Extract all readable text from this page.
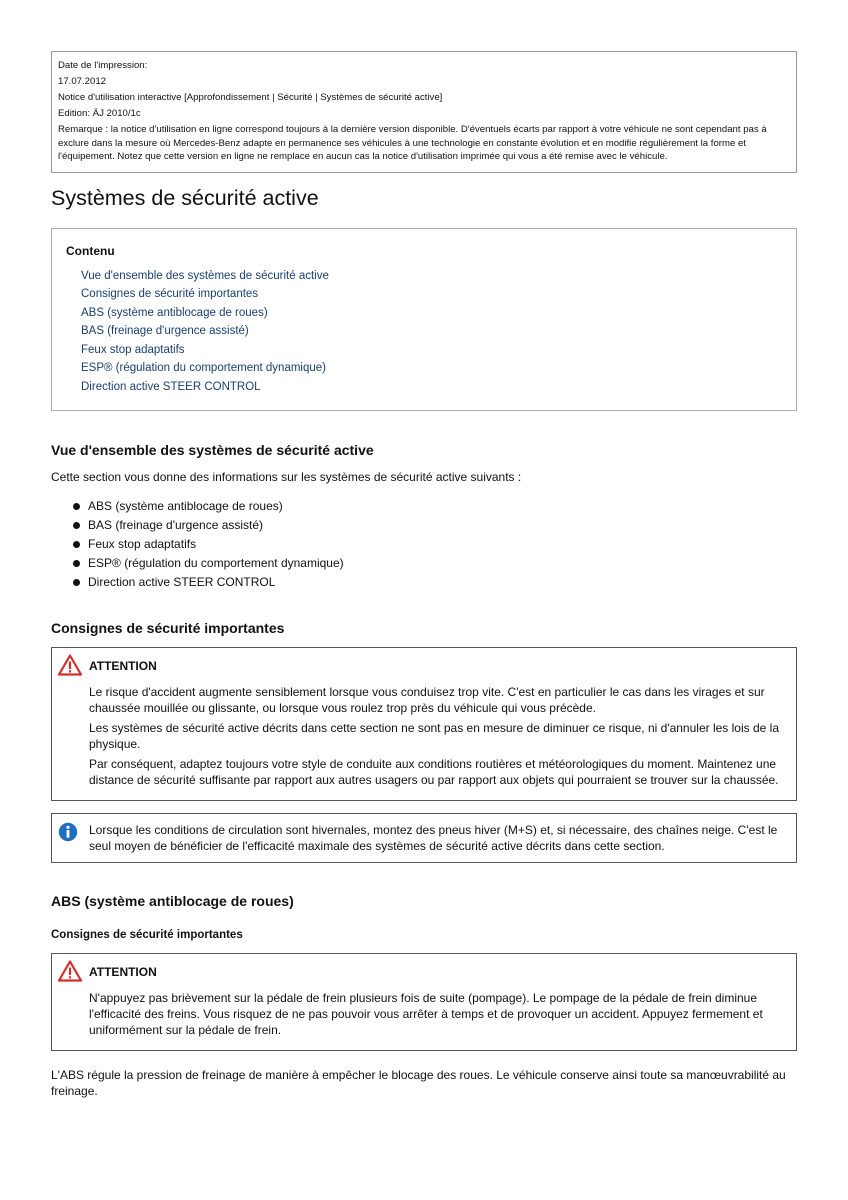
Date de l'impression:
17.07.2012
Notice d'utilisation interactive [Approfondissement | Sécurité | Systèmes de sécurité active]
Edition: ÄJ 2010/1c
Remarque : la notice d'utilisation en ligne correspond toujours à la dernière version disponible. D'éventuels écarts par rapport à votre véhicule ne sont cependant pas à exclure dans la mesure où Mercedes-Benz adapte en permanence ses véhicules à une technologie en constante évolution et en modifie régulièrement la forme et l'équipement. Notez que cette version en ligne ne remplace en aucun cas la notice d'utilisation imprimée qui vous a été remise avec le véhicule.
Systèmes de sécurité active
Contenu
Vue d'ensemble des systèmes de sécurité active
Consignes de sécurité importantes
ABS (système antiblocage de roues)
BAS (freinage d'urgence assisté)
Feux stop adaptatifs
ESP® (régulation du comportement dynamique)
Direction active STEER CONTROL
Vue d'ensemble des systèmes de sécurité active

Cette section vous donne des informations sur les systèmes de sécurité active suivants :

ABS (système antiblocage de roues)
BAS (freinage d'urgence assisté)
Feux stop adaptatifs
ESP® (régulation du comportement dynamique)
Direction active STEER CONTROL
Consignes de sécurité importantes
ATTENTION

Le risque d'accident augmente sensiblement lorsque vous conduisez trop vite. C'est en particulier le cas dans les virages et sur chaussée mouillée ou glissante, ou lorsque vous roulez trop près du véhicule qui vous précède.

Les systèmes de sécurité active décrits dans cette section ne sont pas en mesure de diminuer ce risque, ni d'annuler les lois de la physique.

Par conséquent, adaptez toujours votre style de conduite aux conditions routières et météorologiques du moment. Maintenez une distance de sécurité suffisante par rapport aux autres usagers ou par rapport aux objets qui pourraient se trouver sur la chaussée.

Lorsque les conditions de circulation sont hivernales, montez des pneus hiver (M+S) et, si nécessaire, des chaînes neige. C'est le seul moyen de bénéficier de l'efficacité maximale des systèmes de sécurité active décrits dans cette section.

ABS (système antiblocage de roues)
Consignes de sécurité importantes
ATTENTION

N'appuyez pas brièvement sur la pédale de frein plusieurs fois de suite (pompage). Le pompage de la pédale de frein diminue l'efficacité des freins. Vous risquez de ne pas pouvoir vous arrêter à temps et de provoquer un accident. Appuyez fermement et uniformément sur la pédale de frein.

L'ABS régule la pression de freinage de manière à empêcher le blocage des roues. Le véhicule conserve ainsi toute sa manœuvrabilité au freinage.
